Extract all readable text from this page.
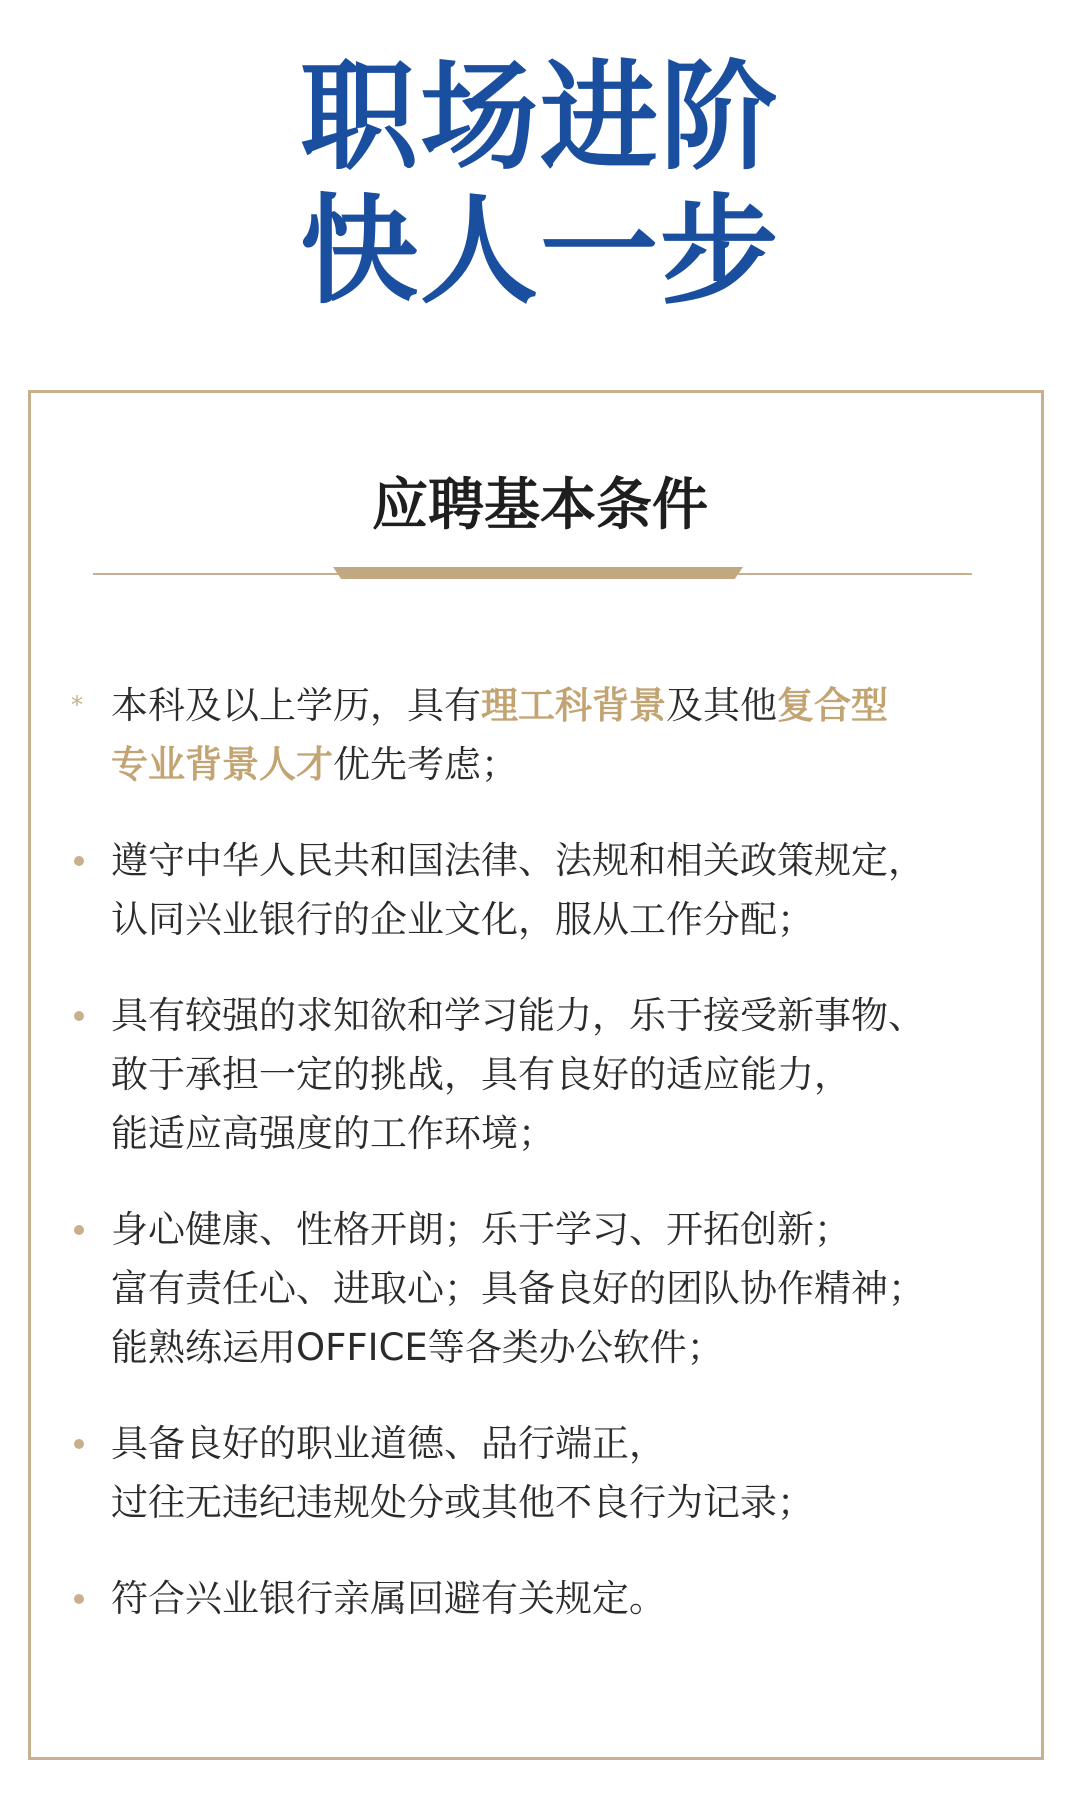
职场进阶
快人一步
应聘基本条件
* 本科及以上学历，具有理工科背景及其他复合型
专业背景人才优先考虑；
遵守中华人民共和国法律、法规和相关政策规定，
认同兴业银行的企业文化，服从工作分配；
具有较强的求知欲和学习能力，乐于接受新事物、
敢于承担一定的挑战，具有良好的适应能力，
能适应高强度的工作环境；
身心健康、性格开朗；乐于学习、开拓创新；
富有责任心、进取心；具备良好的团队协作精神；
能熟练运用OFFICE等各类办公软件；
具备良好的职业道德、品行端正，
过往无违纪违规处分或其他不良行为记录；
符合兴业银行亲属回避有关规定。
